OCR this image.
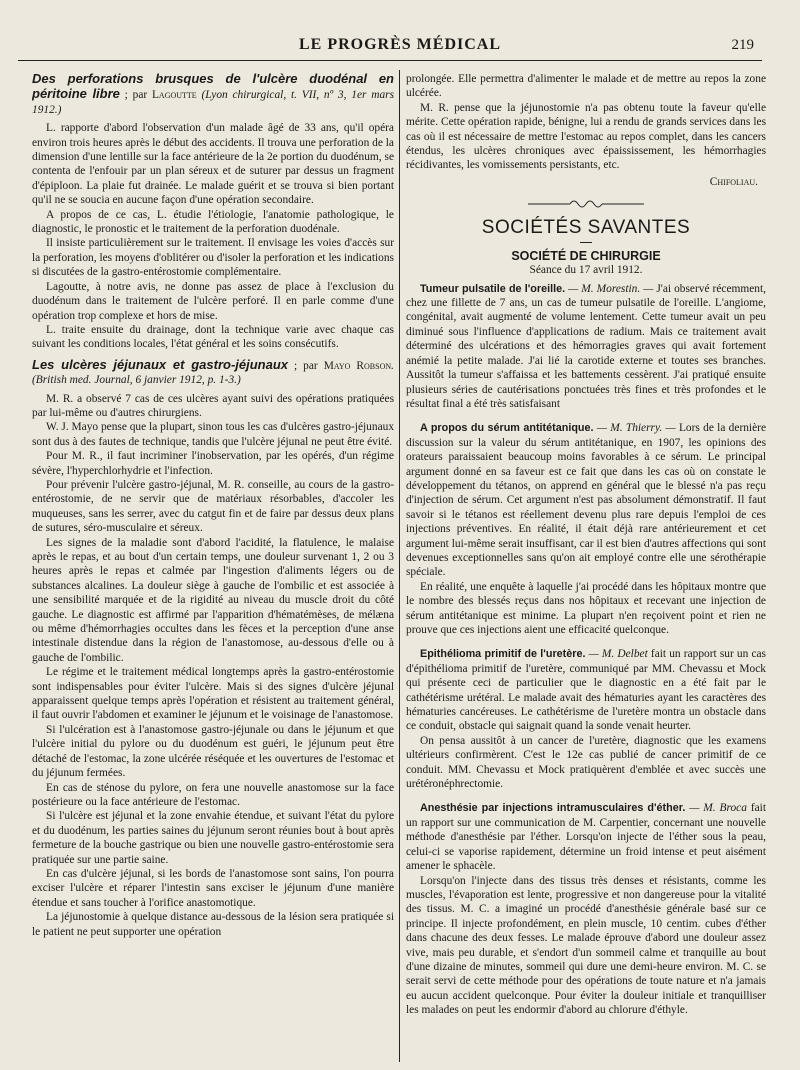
LE PROGRÈS MÉDICAL	219

Des perforations brusques de l'ulcère duodénal en péritoine libre ; par Lagoutte (Lyon chirurgical, t. VII, nº 3, 1er mars 1912.)

L. rapporte d'abord l'observation d'un malade âgé de 33 ans, qu'il opéra environ trois heures après le début des accidents. Il trouva une perforation de la dimension d'une lentille sur la face antérieure de la 2e portion du duodénum, se contenta de l'enfouir par un plan séreux et de suturer par dessus un fragment d'épiploon. La plaie fut drainée. Le malade guérit et se trouva si bien portant qu'il ne se soucia en aucune façon d'une opération secondaire.

A propos de ce cas, L. étudie l'étiologie, l'anatomie pathologique, le diagnostic, le pronostic et le traitement de la perforation duodénale.

Il insiste particulièrement sur le traitement. Il envisage les voies d'accès sur la perforation, les moyens d'oblitérer ou d'isoler la perforation et les indications si discutées de la gastro-entérostomie complémentaire.

Lagoutte, à notre avis, ne donne pas assez de place à l'exclusion du duodénum dans le traitement de l'ulcère perforé. Il en parle comme d'une opération trop complexe et hors de mise.

L. traite ensuite du drainage, dont la technique varie avec chaque cas suivant les conditions locales, l'état général et les soins consécutifs.

Les ulcères jéjunaux et gastro-jéjunaux ; par Mayo Robson. (British med. Journal, 6 janvier 1912, p. 1-3.)

M. R. a observé 7 cas de ces ulcères ayant suivi des opérations pratiquées par lui-même ou d'autres chirurgiens.

W. J. Mayo pense que la plupart, sinon tous les cas d'ulcères gastro-jéjunaux sont dus à des fautes de technique, tandis que l'ulcère jéjunal ne peut être évité.

Pour M. R., il faut incriminer l'inobservation, par les opérés, d'un régime sévère, l'hyperchlorhydrie et l'infection.

Pour prévenir l'ulcère gastro-jéjunal, M. R. conseille, au cours de la gastro-entérostomie, de ne servir que de matériaux résorbables, d'accoler les muqueuses, sans les serrer, avec du catgut fin et de faire par dessus deux plans de sutures, séro-musculaire et séreux.

Les signes de la maladie sont d'abord l'acidité, la flatulence, le malaise après le repas, et au bout d'un certain temps, une douleur survenant 1, 2 ou 3 heures après le repas et calmée par l'ingestion d'aliments légers ou de substances alcalines. La douleur siège à gauche de l'ombilic et est associée à une sensibilité marquée et de la rigidité au niveau du muscle droit du côté gauche. Le diagnostic est affirmé par l'apparition d'hématémèses, de mélæna ou même d'hémorrhagies occultes dans les fèces et la perception d'une anse intestinale distendue dans la région de l'anastomose, au-dessous d'elle ou à gauche de l'ombilic.

Le régime et le traitement médical longtemps après la gastro-entérostomie sont indispensables pour éviter l'ulcère. Mais si des signes d'ulcère jéjunal apparaissent quelque temps après l'opération et résistent au traitement général, il faut ouvrir l'abdomen et examiner le jéjunum et le voisinage de l'anastomose.

Si l'ulcération est à l'anastomose gastro-jéjunale ou dans le jéjunum et que l'ulcère initial du pylore ou du duodénum est guéri, le jéjunum peut être détaché de l'estomac, la zone ulcérée réséquée et les ouvertures de l'estomac et du jéjunum fermées.

En cas de sténose du pylore, on fera une nouvelle anastomose sur la face postérieure ou la face antérieure de l'estomac.

Si l'ulcère est jéjunal et la zone envahie étendue, et suivant l'état du pylore et du duodénum, les parties saines du jéjunum seront réunies bout à bout après fermeture de la bouche gastrique ou bien une nouvelle gastro-entérostomie sera pratiquée sur une partie saine.

En cas d'ulcère jéjunal, si les bords de l'anastomose sont sains, l'on pourra exciser l'ulcère et réparer l'intestin sans exciser le jéjunum d'une manière étendue et sans toucher à l'orifice anastomotique.

La jéjunostomie à quelque distance au-dessous de la lésion sera pratiquée si le patient ne peut supporter une opération

prolongée. Elle permettra d'alimenter le malade et de mettre au repos la zone ulcérée.

M. R. pense que la jéjunostomie n'a pas obtenu toute la faveur qu'elle mérite. Cette opération rapide, bénigne, lui a rendu de grands services dans les cas où il est nécessaire de mettre l'estomac au repos complet, dans les cancers étendus, les ulcères chroniques avec épaississement, les hémorrhagies récidivantes, les vomissements persistants, etc.

Chifoliau.

SOCIÉTÉS SAVANTES
SOCIÉTÉ DE CHIRURGIE

Séance du 17 avril 1912.

Tumeur pulsatile de l'oreille. — M. Morestin. — J'ai observé récemment, chez une fillette de 7 ans, un cas de tumeur pulsatile de l'oreille. L'angiome, congénital, avait augmenté de volume lentement. Cette tumeur avait un peu diminué sous l'influence d'applications de radium. Mais ce traitement avait déterminé des ulcérations et des hémorragies graves qui avait fortement anémié la petite malade. J'ai lié la carotide externe et toutes ses branches. Aussitôt la tumeur s'affaissa et les battements cessèrent. J'ai pratiqué ensuite plusieurs séries de cautérisations ponctuées très fines et très profondes et le résultat final a été très satisfaisant

A propos du sérum antitétanique. — M. Thierry. — Lors de la dernière discussion sur la valeur du sérum antitétanique, en 1907, les opinions des orateurs paraissaient beaucoup moins favorables à ce sérum. Le principal argument donné en sa faveur est ce fait que dans les cas où on constate le développement du tétanos, on apprend en général que le blessé n'a pas reçu d'injection de sérum. Cet argument n'est pas absolument démonstratif. Il faut savoir si le tétanos est réellement devenu plus rare depuis l'emploi de ces injections préventives. En réalité, il était déjà rare antérieurement et cet argument lui-même serait insuffisant, car il est bien d'autres affections qui sont devenues exceptionnelles sans qu'on ait employé contre elle une sérothérapie spéciale.

En réalité, une enquête à laquelle j'ai procédé dans les hôpitaux montre que le nombre des blessés reçus dans nos hôpitaux et recevant une injection de sérum antitétanique est minime. La plupart n'en reçoivent point et rien ne prouve que ces injections aient une efficacité quelconque.

Epithélioma primitif de l'uretère. — M. Delbet fait un rapport sur un cas d'épithélioma primitif de l'uretère, communiqué par MM. Chevassu et Mock qui présente ceci de particulier que le diagnostic en a été fait par le cathétérisme urétéral. Le malade avait des hématuries ayant les caractères des hématuries cancéreuses. Le cathétérisme de l'uretère montra un obstacle dans ce conduit, obstacle qui saignait quand la sonde venait heurter.

On pensa aussitôt à un cancer de l'uretère, diagnostic que les examens ultérieurs confirmèrent. C'est le 12e cas publié de cancer primitif de ce conduit. MM. Chevassu et Mock pratiquèrent d'emblée et avec succès une urétéronéphrectomie.

Anesthésie par injections intramusculaires d'éther. — M. Broca fait un rapport sur une communication de M. Carpentier, concernant une nouvelle méthode d'anesthésie par l'éther. Lorsqu'on injecte de l'éther sous la peau, celui-ci se vaporise rapidement, détermine un froid intense et peut aisément amener le sphacèle.

Lorsqu'on l'injecte dans des tissus très denses et résistants, comme les muscles, l'évaporation est lente, progressive et non dangereuse pour la vitalité des tissus. M. C. a imaginé un procédé d'anesthésie générale basé sur ce principe. Il injecte profondément, en plein muscle, 10 centim. cubes d'éther dans chacune des deux fesses. Le malade éprouve d'abord une douleur assez vive, mais peu durable, et s'endort d'un sommeil calme et tranquille au bout d'une dizaine de minutes, sommeil qui dure une demi-heure environ. M. C. se serait servi de cette méthode pour des opérations de toute nature et n'a jamais eu aucun accident quelconque. Pour éviter la douleur initiale et tranquilliser les malades on peut les endormir d'abord au chlorure d'éthyle.
